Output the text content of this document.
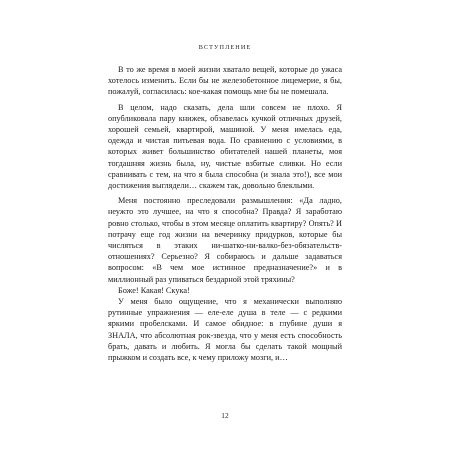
ВСТУПЛЕНИЕ

В то же время в моей жизни хватало вещей, которые до ужаса хотелось изменить. Если бы не железобетонное лицемерие, я бы, пожалуй, согласилась: кое-какая помощь мне бы не помешала.

В целом, надо сказать, дела шли совсем не плохо. Я опубликовала пару книжек, обзавелась кучкой отличных друзей, хорошей семьей, квартирой, машиной. У меня имелась еда, одежда и чистая питьевая вода. По сравнению с условиями, в которых живет большинство обитателей нашей планеты, моя тогдашняя жизнь была, ну, чистые взбитые сливки. Но если сравнивать с тем, на что я была способна (и знала это!), все мои достижения выглядели… скажем так, довольно блеклыми.

Меня постоянно преследовали размышления: «Да ладно, неужто это лучшее, на что я способна? Правда? Я заработаю ровно столько, чтобы в этом месяце оплатить квартиру? Опять? И потрачу еще год жизни на вечеринку придурков, которые бы числяться в этаких ни-шатко-ни-валко-без-обязательств-отношениях? Серьезно? Я собираюсь и дальше задаваться вопросом: «В чем мое истинное предназначение?» и в миллионный раз упиваться бездарной этой тряхины?

Боже! Какая! Скука!

У меня было ощущение, что я механически выполняю рутинные упражнения — еле-еле душа в теле — с редкими яркими пробелсками. И самое обидное: в глубине души я ЗНАЛА, что абсолютная рок-звезда, что у меня есть способность брать, давать и любить. Я могла бы сделать такой мощный прыжком и создать все, к чему приложу мозги, и…

12
